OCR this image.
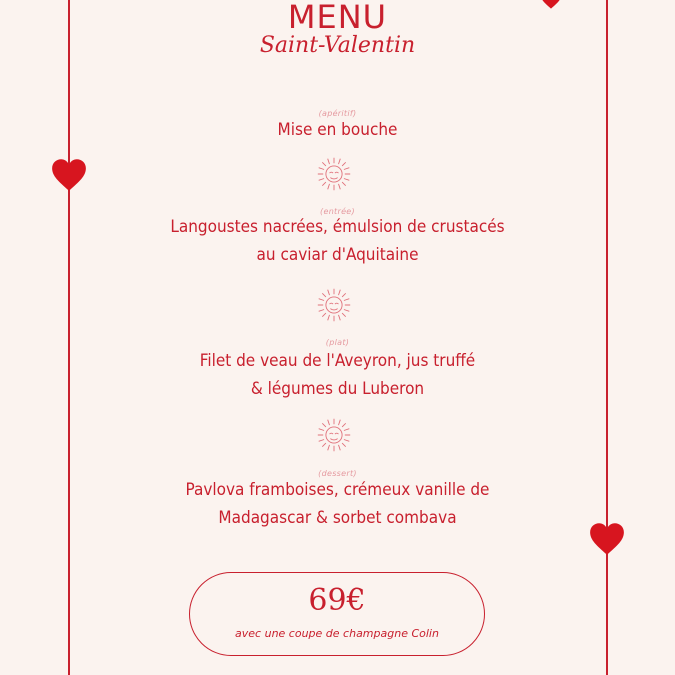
MENU
Saint-Valentin
(apéritif)
Mise en bouche
(entrée)
Langoustes nacrées, émulsion de crustacés
au caviar d'Aquitaine
(plat)
Filet de veau de l'Aveyron, jus truffé
& légumes du Luberon
(dessert)
Pavlova framboises, crémeux vanille de
Madagascar & sorbet combava
69€
avec une coupe de champagne Colin
